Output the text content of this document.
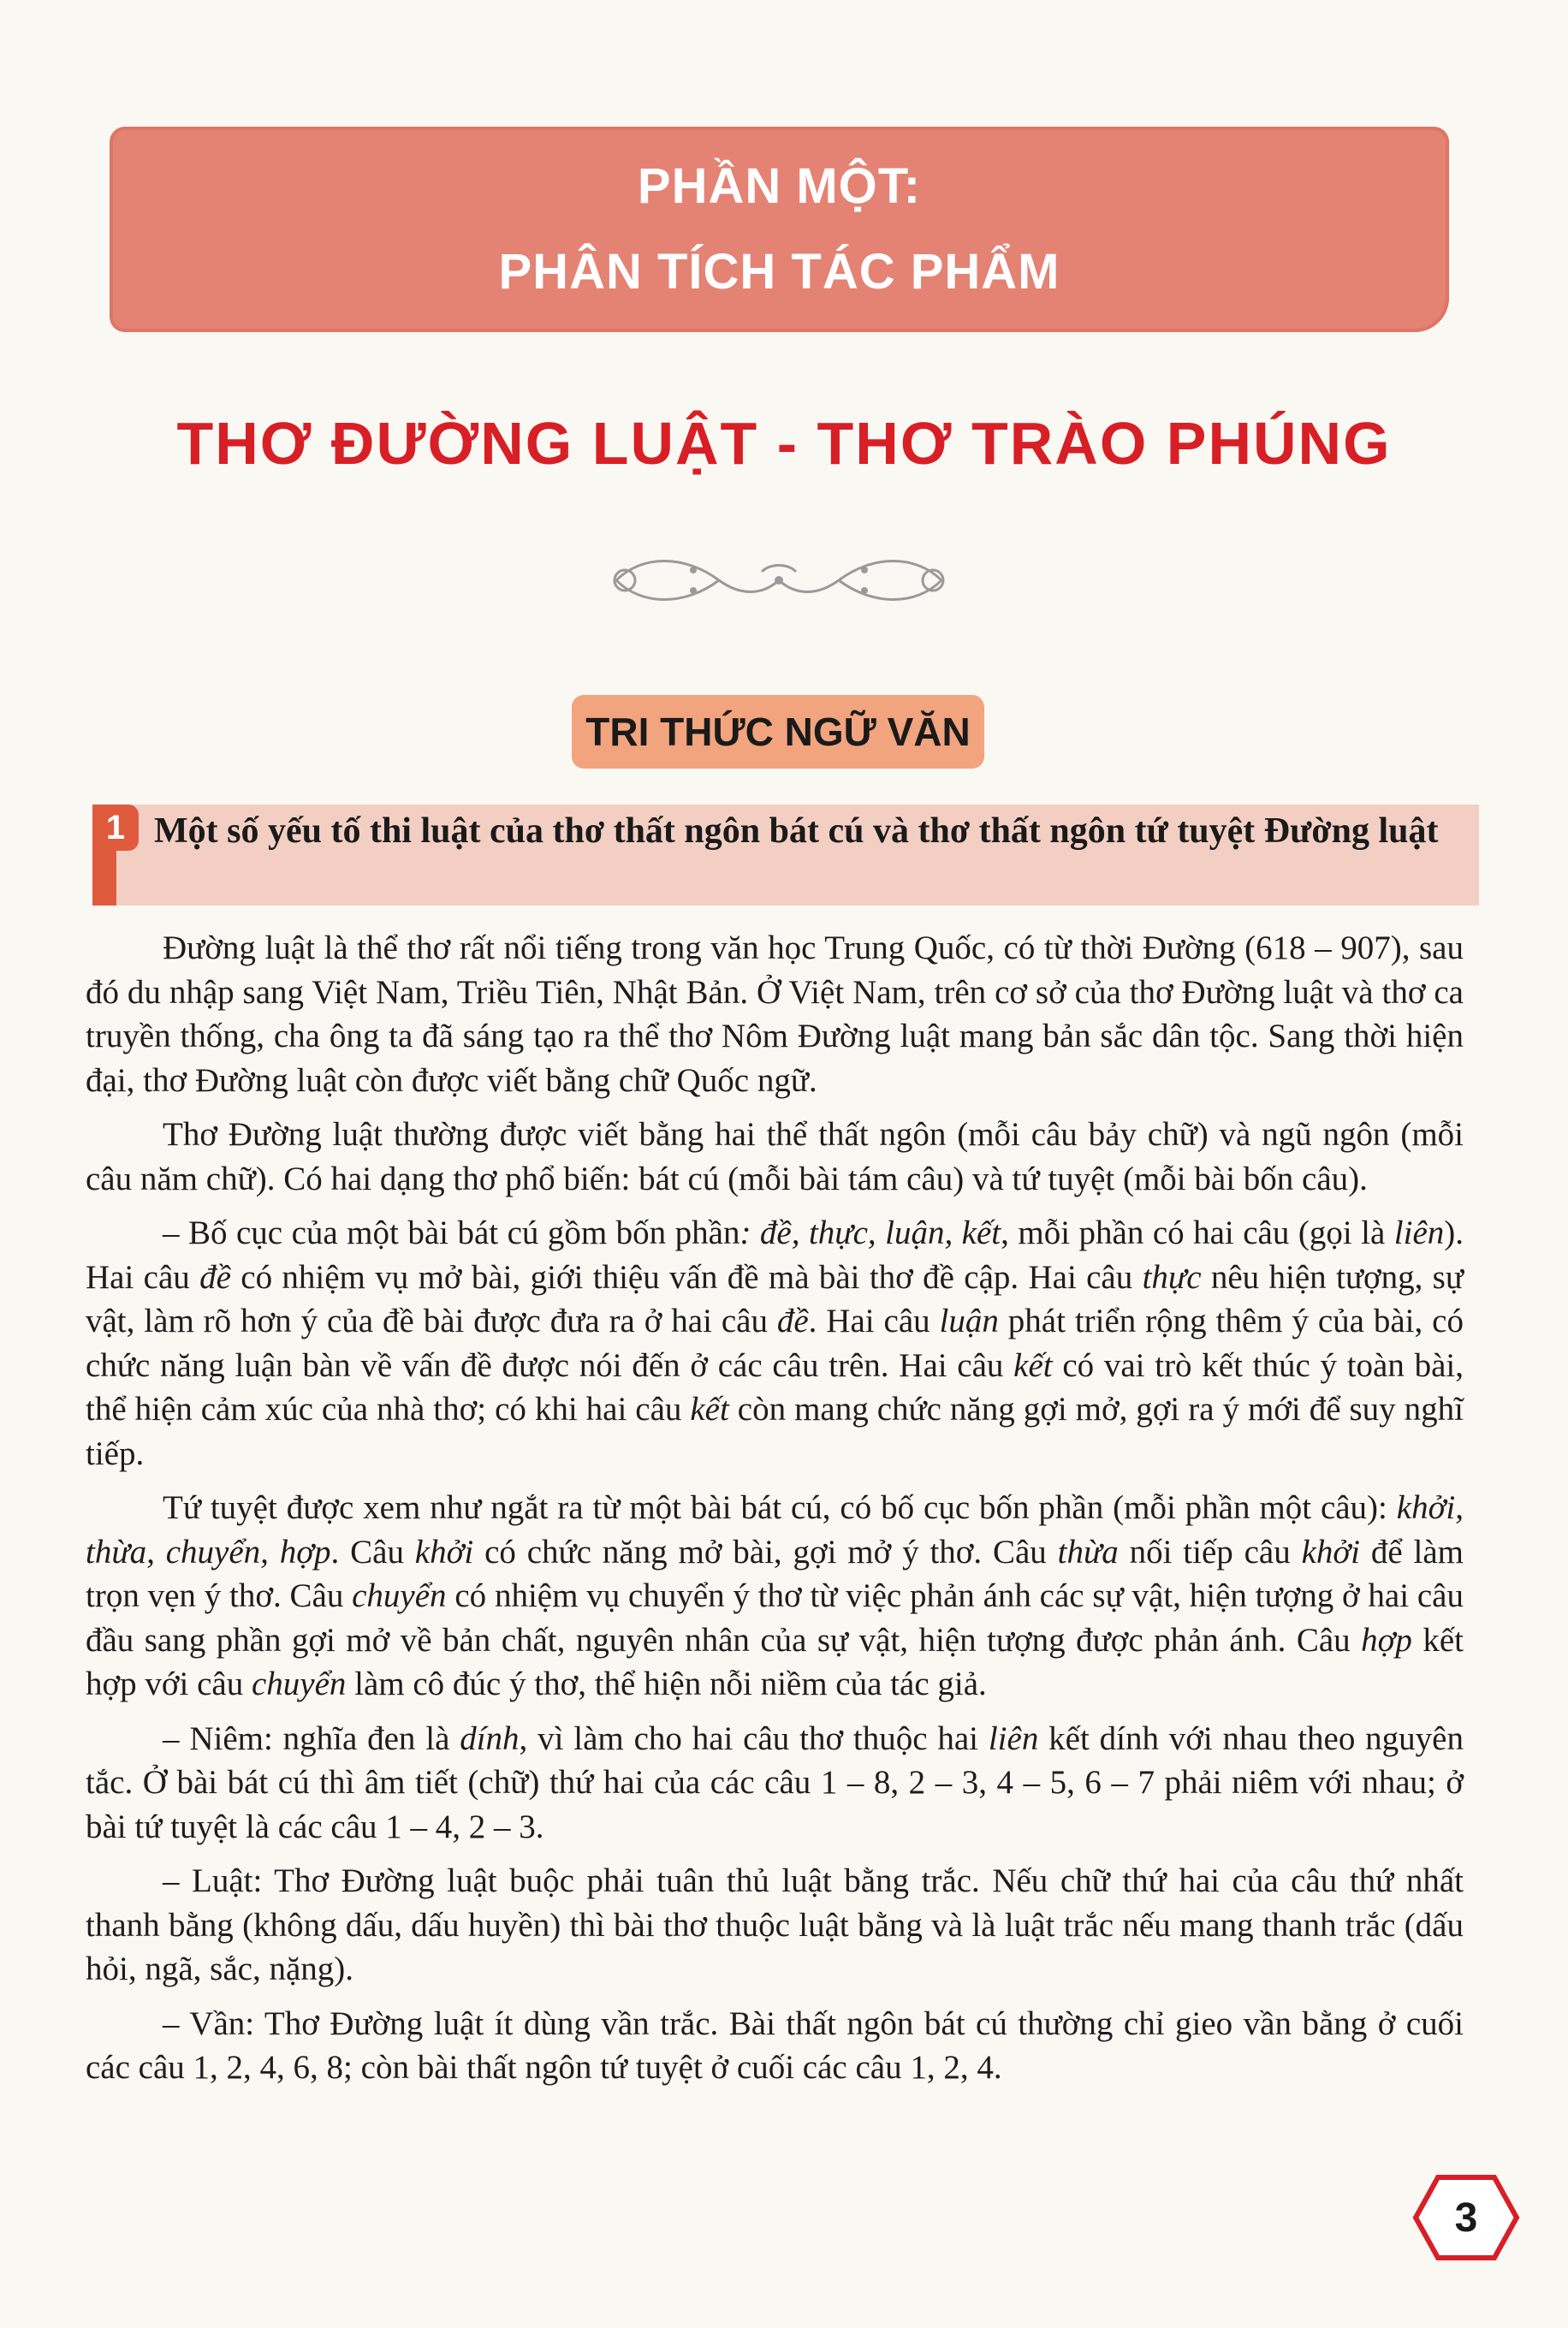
PHẦN MỘT:
PHÂN TÍCH TÁC PHẨM
THƠ ĐƯỜNG LUẬT - THƠ TRÀO PHÚNG
TRI THỨC NGỮ VĂN
1 Một số yếu tố thi luật của thơ thất ngôn bát cú và thơ thất ngôn tứ tuyệt Đường luật

Đường luật là thể thơ rất nổi tiếng trong văn học Trung Quốc, có từ thời Đường (618 – 907), sau đó du nhập sang Việt Nam, Triều Tiên, Nhật Bản. Ở Việt Nam, trên cơ sở của thơ Đường luật và thơ ca truyền thống, cha ông ta đã sáng tạo ra thể thơ Nôm Đường luật mang bản sắc dân tộc. Sang thời hiện đại, thơ Đường luật còn được viết bằng chữ Quốc ngữ.

Thơ Đường luật thường được viết bằng hai thể thất ngôn (mỗi câu bảy chữ) và ngũ ngôn (mỗi câu năm chữ). Có hai dạng thơ phổ biến: bát cú (mỗi bài tám câu) và tứ tuyệt (mỗi bài bốn câu).

– Bố cục của một bài bát cú gồm bốn phần: đề, thực, luận, kết, mỗi phần có hai câu (gọi là liên). Hai câu đề có nhiệm vụ mở bài, giới thiệu vấn đề mà bài thơ đề cập. Hai câu thực nêu hiện tượng, sự vật, làm rõ hơn ý của đề bài được đưa ra ở hai câu đề. Hai câu luận phát triển rộng thêm ý của bài, có chức năng luận bàn về vấn đề được nói đến ở các câu trên. Hai câu kết có vai trò kết thúc ý toàn bài, thể hiện cảm xúc của nhà thơ; có khi hai câu kết còn mang chức năng gợi mở, gợi ra ý mới để suy nghĩ tiếp.

Tứ tuyệt được xem như ngắt ra từ một bài bát cú, có bố cục bốn phần (mỗi phần một câu): khởi, thừa, chuyển, hợp. Câu khởi có chức năng mở bài, gợi mở ý thơ. Câu thừa nối tiếp câu khởi để làm trọn vẹn ý thơ. Câu chuyển có nhiệm vụ chuyển ý thơ từ việc phản ánh các sự vật, hiện tượng ở hai câu đầu sang phần gợi mở về bản chất, nguyên nhân của sự vật, hiện tượng được phản ánh. Câu hợp kết hợp với câu chuyển làm cô đúc ý thơ, thể hiện nỗi niềm của tác giả.

– Niêm: nghĩa đen là dính, vì làm cho hai câu thơ thuộc hai liên kết dính với nhau theo nguyên tắc. Ở bài bát cú thì âm tiết (chữ) thứ hai của các câu 1 – 8, 2 – 3, 4 – 5, 6 – 7 phải niêm với nhau; ở bài tứ tuyệt là các câu 1 – 4, 2 – 3.

– Luật: Thơ Đường luật buộc phải tuân thủ luật bằng trắc. Nếu chữ thứ hai của câu thứ nhất thanh bằng (không dấu, dấu huyền) thì bài thơ thuộc luật bằng và là luật trắc nếu mang thanh trắc (dấu hỏi, ngã, sắc, nặng).

– Vần: Thơ Đường luật ít dùng vần trắc. Bài thất ngôn bát cú thường chỉ gieo vần bằng ở cuối các câu 1, 2, 4, 6, 8; còn bài thất ngôn tứ tuyệt ở cuối các câu 1, 2, 4.

3
